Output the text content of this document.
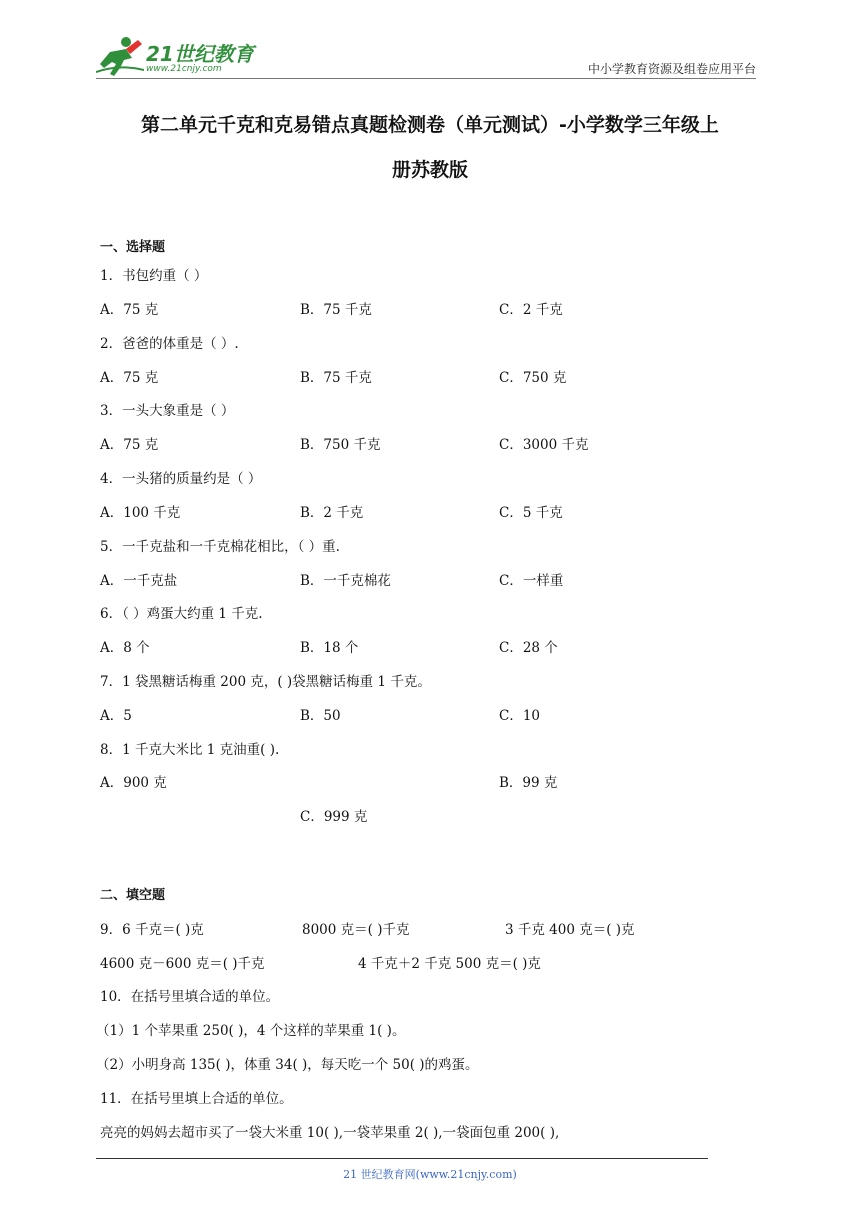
21世纪教育
www.21cnjy.com	中小学教育资源及组卷应用平台
第二单元千克和克易错点真题检测卷（单元测试）-小学数学三年级上
册苏教版
一、选择题
1．书包约重（ ）
A．75 克	B．75 千克	C．2 千克
2．爸爸的体重是（ ）.
A．75 克	B．75 千克	C．750 克
3．一头大象重是（ ）
A．75 克	B．750 千克	C．3000 千克
4．一头猪的质量约是（ ）
A．100 千克	B．2 千克	C．5 千克
5．一千克盐和一千克棉花相比，（ ）重.
A．一千克盐	B．一千克棉花	C．一样重
6．（ ）鸡蛋大约重 1 千克.
A．8 个	B．18 个	C．28 个
7．1 袋黑糖话梅重 200 克，( )袋黑糖话梅重 1 千克。
A．5	B．50	C．10
8．1 千克大米比 1 克油重( ).
A．900 克	B．99 克
C．999 克
二、填空题
9．6 千克＝( )克	8000 克＝( )千克	3 千克 400 克＝( )克
4600 克－600 克＝( )千克	4 千克＋2 千克 500 克＝( )克
10．在括号里填合适的单位。
（1）1 个苹果重 250( )，4 个这样的苹果重 1( )。
（2）小明身高 135( )，体重 34( )，每天吃一个 50( )的鸡蛋。
11．在括号里填上合适的单位。
亮亮的妈妈去超市买了一袋大米重 10( ),一袋苹果重 2( ),一袋面包重 200( ),
21 世纪教育网(www.21cnjy.com)
